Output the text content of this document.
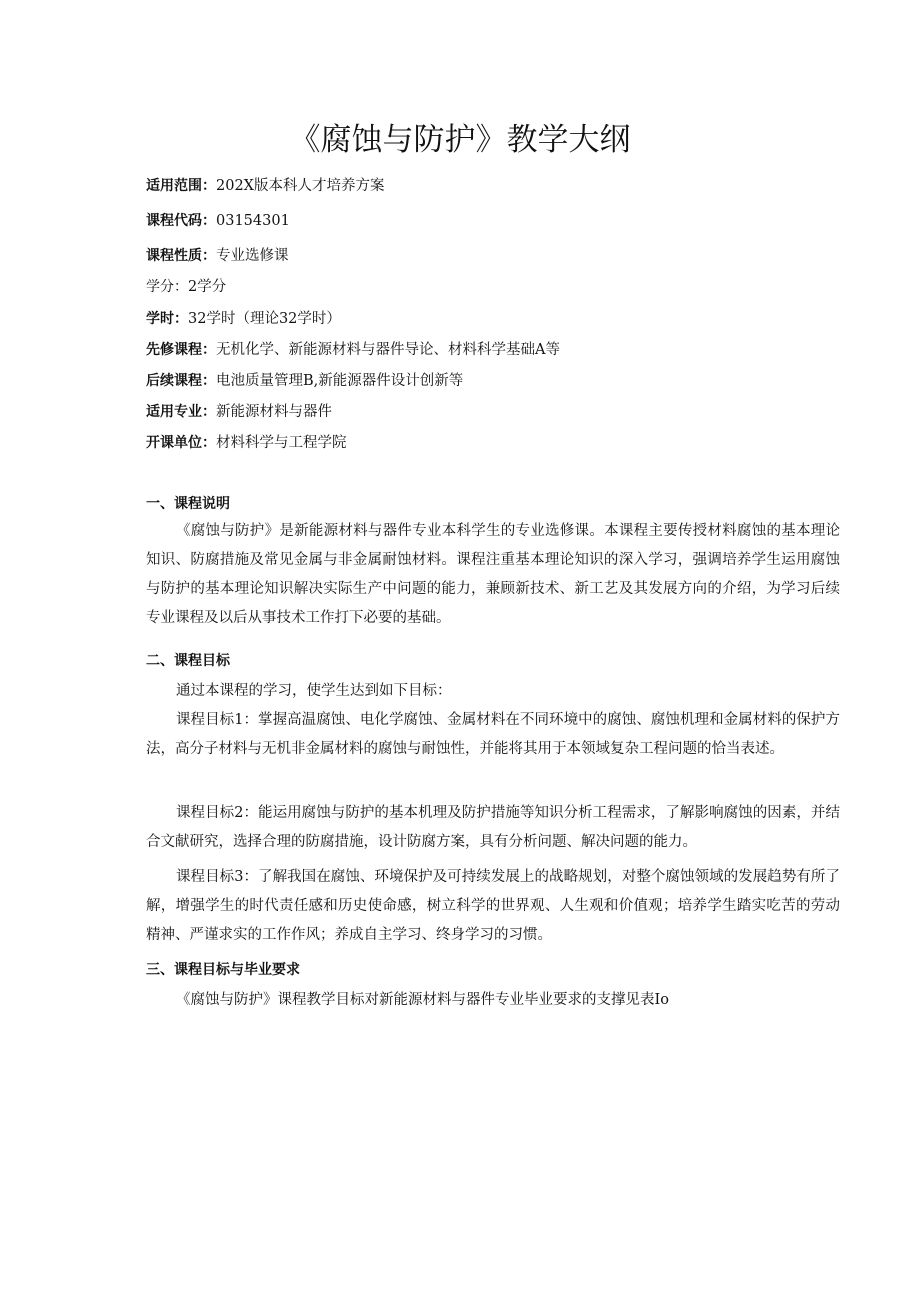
《腐蚀与防护》教学大纲
适用范围：202X版本科人才培养方案
课程代码：03154301
课程性质：专业选修课
学分：2学分
学时：32学时（理论32学时）
先修课程：无机化学、新能源材料与器件导论、材料科学基础A等
后续课程：电池质量管理B,新能源器件设计创新等
适用专业：新能源材料与器件
开课单位：材料科学与工程学院
一、课程说明
《腐蚀与防护》是新能源材料与器件专业本科学生的专业选修课。本课程主要传授材料腐蚀的基本理论知识、防腐措施及常见金属与非金属耐蚀材料。课程注重基本理论知识的深入学习，强调培养学生运用腐蚀与防护的基本理论知识解决实际生产中问题的能力，兼顾新技术、新工艺及其发展方向的介绍，为学习后续专业课程及以后从事技术工作打下必要的基础。
二、课程目标
通过本课程的学习，使学生达到如下目标：
课程目标1：掌握高温腐蚀、电化学腐蚀、金属材料在不同环境中的腐蚀、腐蚀机理和金属材料的保护方法，高分子材料与无机非金属材料的腐蚀与耐蚀性，并能将其用于本领域复杂工程问题的恰当表述。
课程目标2：能运用腐蚀与防护的基本机理及防护措施等知识分析工程需求，了解影响腐蚀的因素，并结合文献研究，选择合理的防腐措施，设计防腐方案，具有分析问题、解决问题的能力。
课程目标3：了解我国在腐蚀、环境保护及可持续发展上的战略规划，对整个腐蚀领域的发展趋势有所了解，增强学生的时代责任感和历史使命感，树立科学的世界观、人生观和价值观；培养学生踏实吃苦的劳动精神、严谨求实的工作作风；养成自主学习、终身学习的习惯。
三、课程目标与毕业要求
《腐蚀与防护》课程教学目标对新能源材料与器件专业毕业要求的支撑见表Io
